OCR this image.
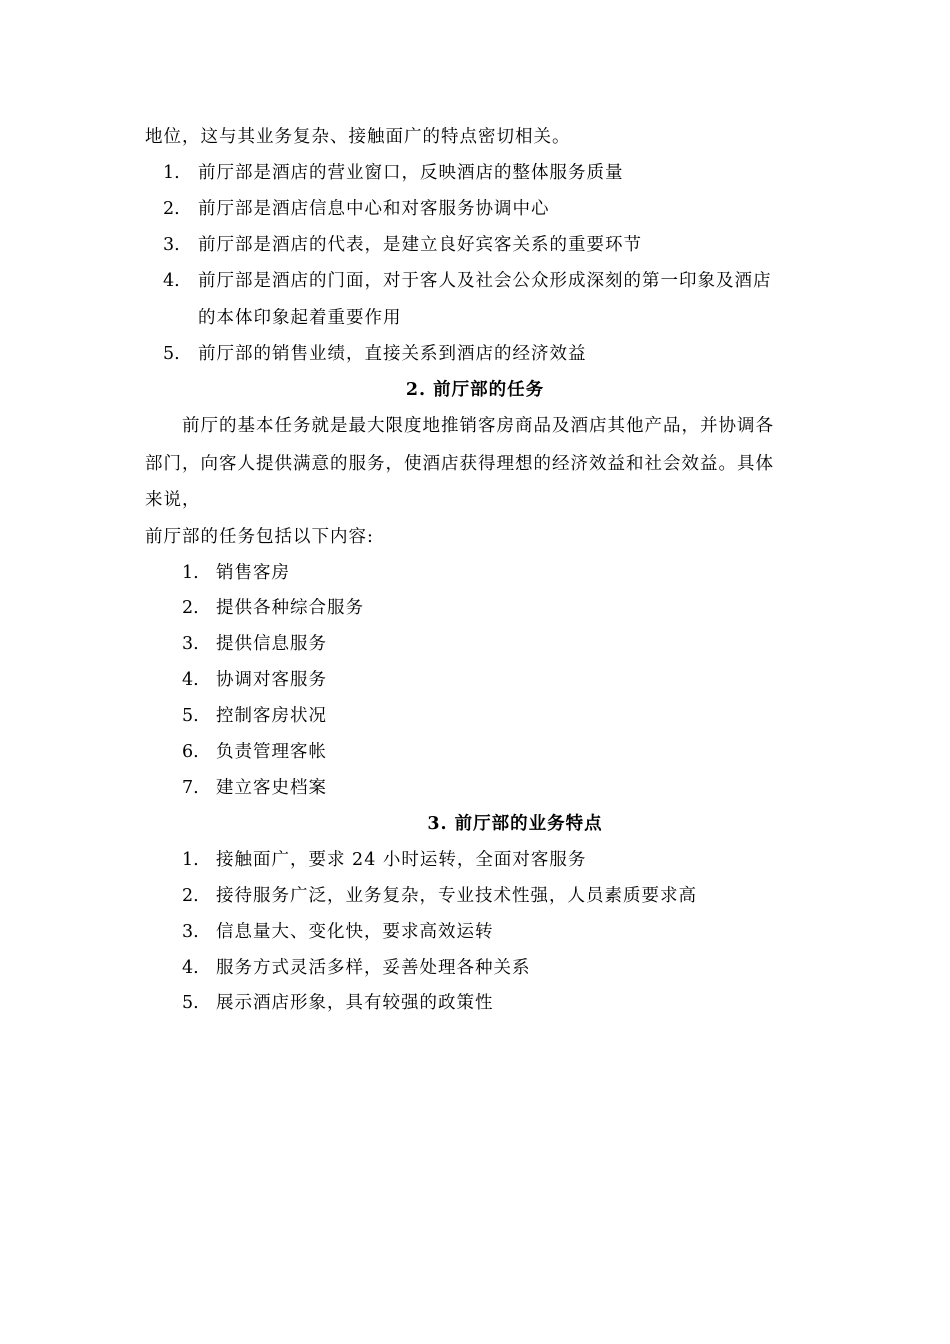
地位，这与其业务复杂、接触面广的特点密切相关。
1. 前厅部是酒店的营业窗口，反映酒店的整体服务质量
2. 前厅部是酒店信息中心和对客服务协调中心
3. 前厅部是酒店的代表，是建立良好宾客关系的重要环节
4. 前厅部是酒店的门面，对于客人及社会公众形成深刻的第一印象及酒店
的本体印象起着重要作用
5. 前厅部的销售业绩，直接关系到酒店的经济效益
2. 前厅部的任务
前厅的基本任务就是最大限度地推销客房商品及酒店其他产品，并协调各
部门，向客人提供满意的服务，使酒店获得理想的经济效益和社会效益。具体
来说，
前厅部的任务包括以下内容:
1. 销售客房
2. 提供各种综合服务
3. 提供信息服务
4. 协调对客服务
5. 控制客房状况
6. 负责管理客帐
7. 建立客史档案
3. 前厅部的业务特点
1. 接触面广，要求 24 小时运转，全面对客服务
2. 接待服务广泛，业务复杂，专业技术性强，人员素质要求高
3. 信息量大、变化快，要求高效运转
4. 服务方式灵活多样，妥善处理各种关系
5. 展示酒店形象，具有较强的政策性
